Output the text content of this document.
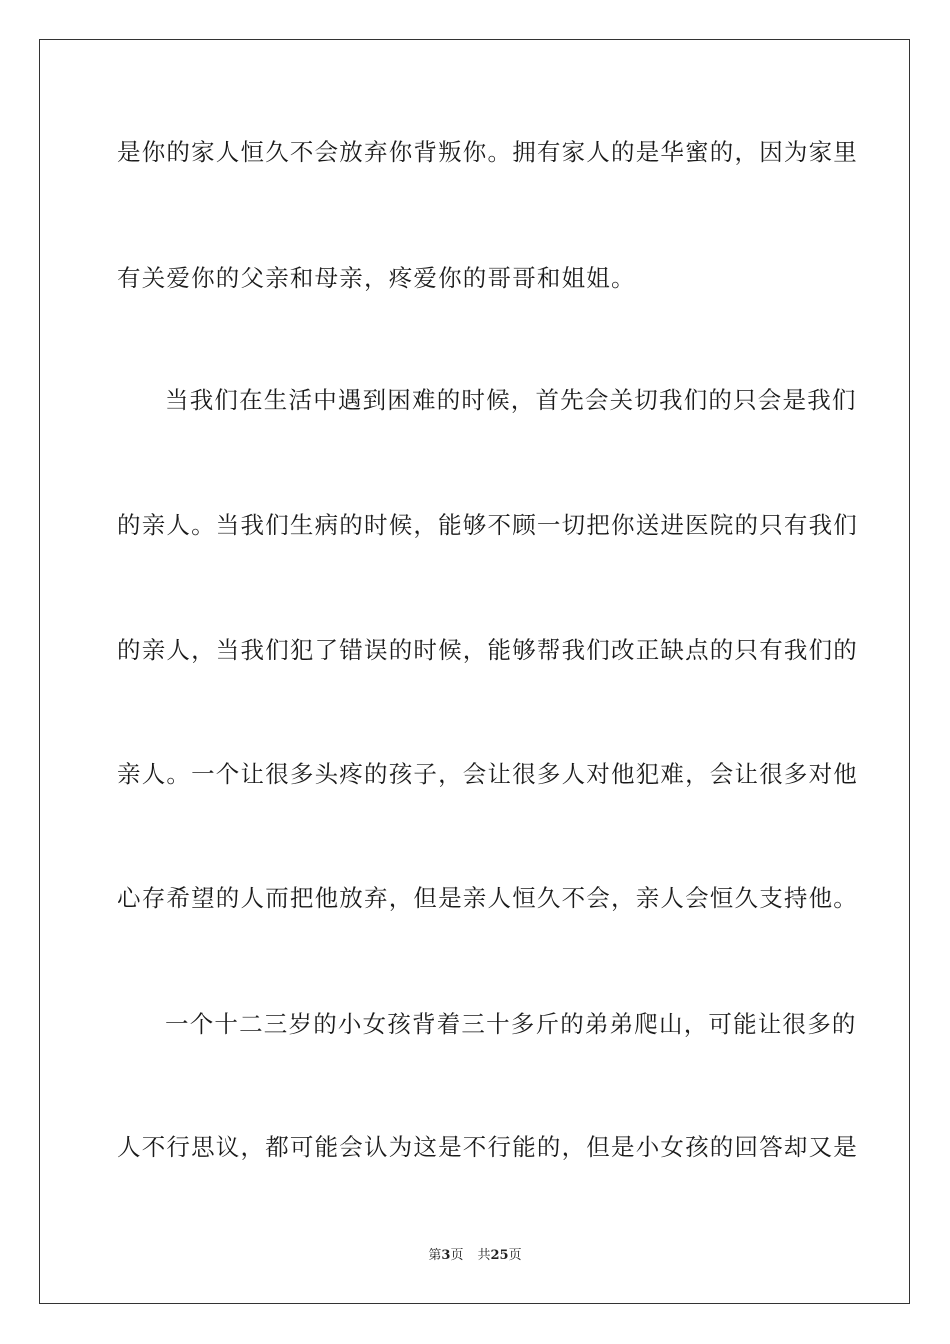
是你的家人恒久不会放弃你背叛你。拥有家人的是华蜜的，因为家里
有关爱你的父亲和母亲，疼爱你的哥哥和姐姐。
当我们在生活中遇到困难的时候，首先会关切我们的只会是我们
的亲人。当我们生病的时候，能够不顾一切把你送进医院的只有我们
的亲人，当我们犯了错误的时候，能够帮我们改正缺点的只有我们的
亲人。一个让很多头疼的孩子，会让很多人对他犯难，会让很多对他
心存希望的人而把他放弃，但是亲人恒久不会，亲人会恒久支持他。
一个十二三岁的小女孩背着三十多斤的弟弟爬山，可能让很多的
人不行思议，都可能会认为这是不行能的，但是小女孩的回答却又是
第3页 共25页
